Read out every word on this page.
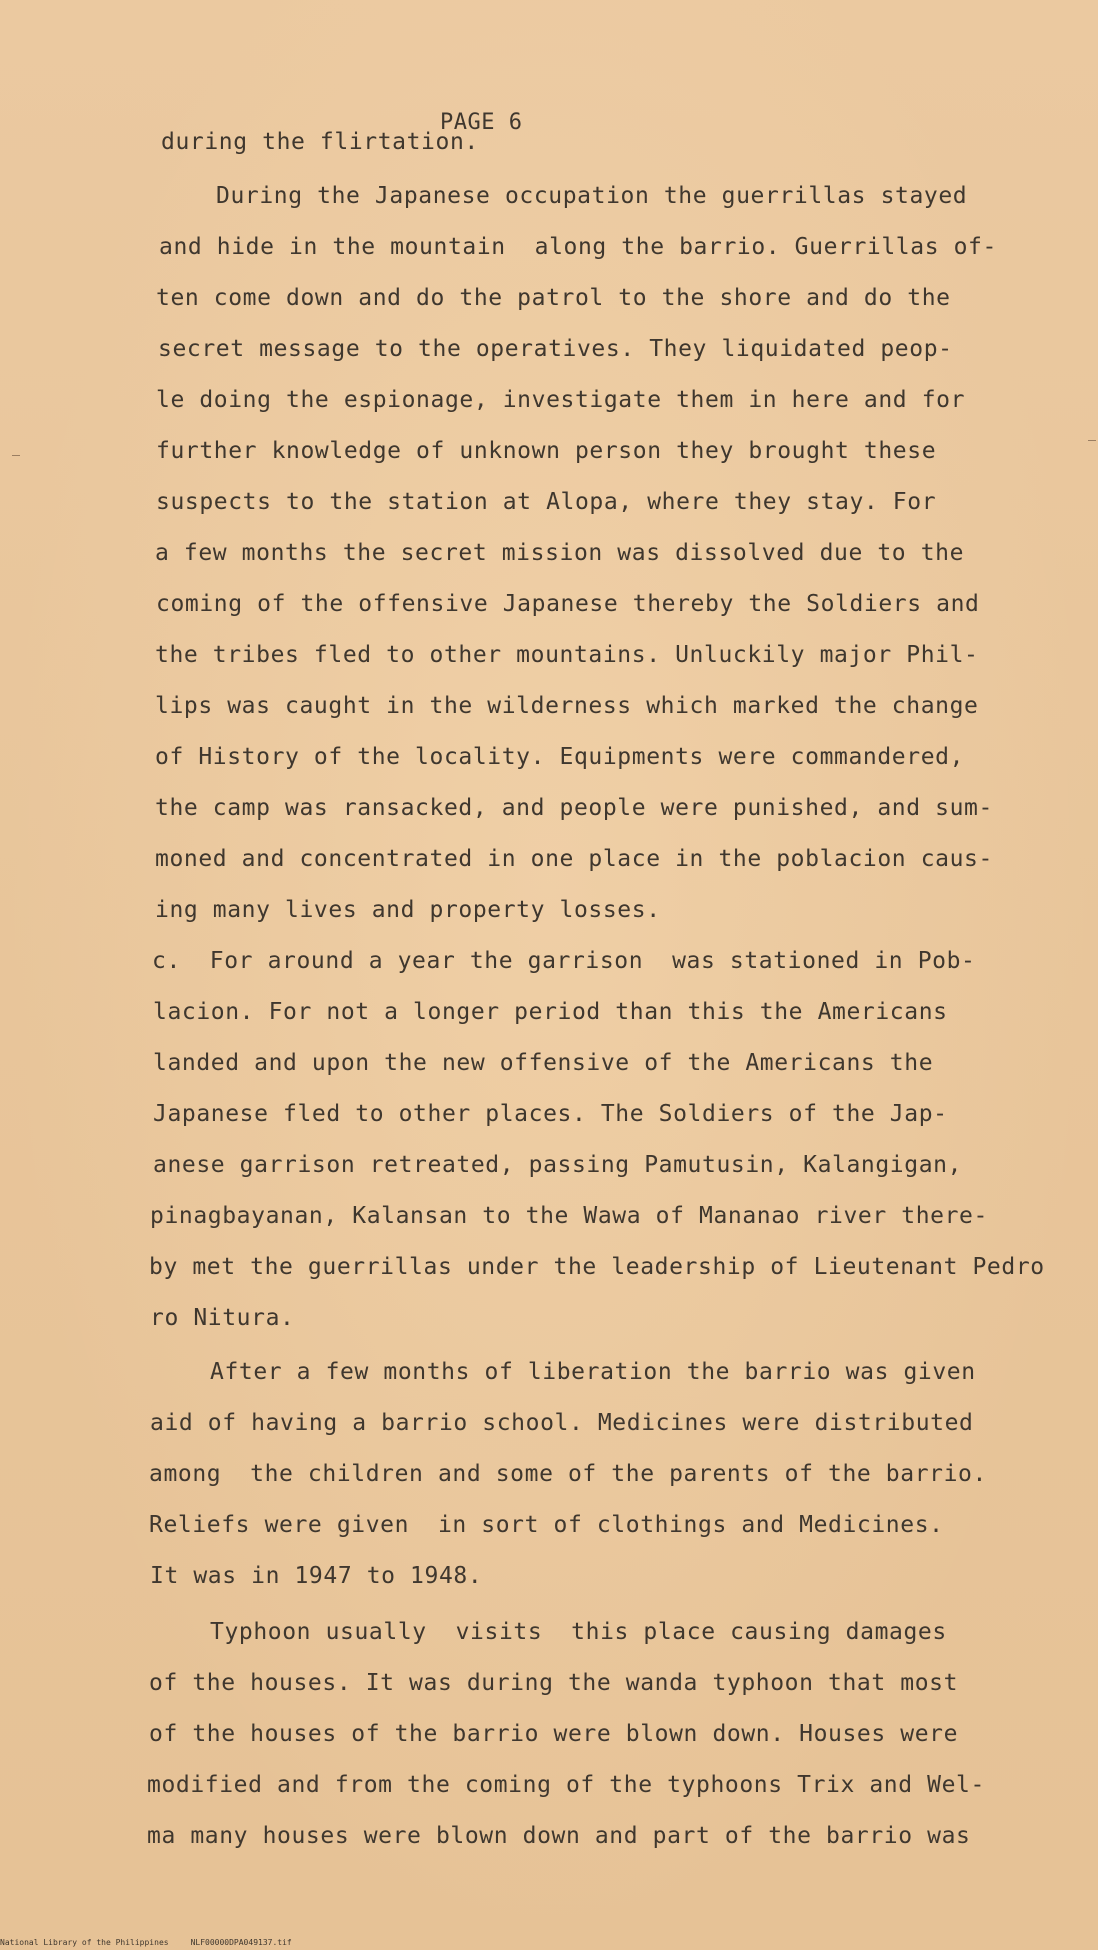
PAGE 6
during the flirtation.
During the Japanese occupation the guerrillas stayed
and hide in the mountain  along the barrio. Guerrillas of-
ten come down and do the patrol to the shore and do the
secret message to the operatives. They liquidated peop-
le doing the espionage, investigate them in here and for
further knowledge of unknown person they brought these
suspects to the station at Alopa, where they stay. For
a few months the secret mission was dissolved due to the
coming of the offensive Japanese thereby the Soldiers and
the tribes fled to other mountains. Unluckily major Phil-
lips was caught in the wilderness which marked the change
of History of the locality. Equipments were commandered,
the camp was ransacked, and people were punished, and sum-
moned and concentrated in one place in the poblacion caus-
ing many lives and property losses.
c.  For around a year the garrison  was stationed in Pob-
lacion. For not a longer period than this the Americans
landed and upon the new offensive of the Americans the
Japanese fled to other places. The Soldiers of the Jap-
anese garrison retreated, passing Pamutusin, Kalangigan,
pinagbayanan, Kalansan to the Wawa of Mananao river there-
by met the guerrillas under the leadership of Lieutenant Pedro
ro Nitura.
After a few months of liberation the barrio was given
aid of having a barrio school. Medicines were distributed
among  the children and some of the parents of the barrio.
Reliefs were given  in sort of clothings and Medicines.
It was in 1947 to 1948.
Typhoon usually  visits  this place causing damages
of the houses. It was during the wanda typhoon that most
of the houses of the barrio were blown down. Houses were
modified and from the coming of the typhoons Trix and Wel-
ma many houses were blown down and part of the barrio was
National Library of the Philippines	NLF00000DPA049137.tif
